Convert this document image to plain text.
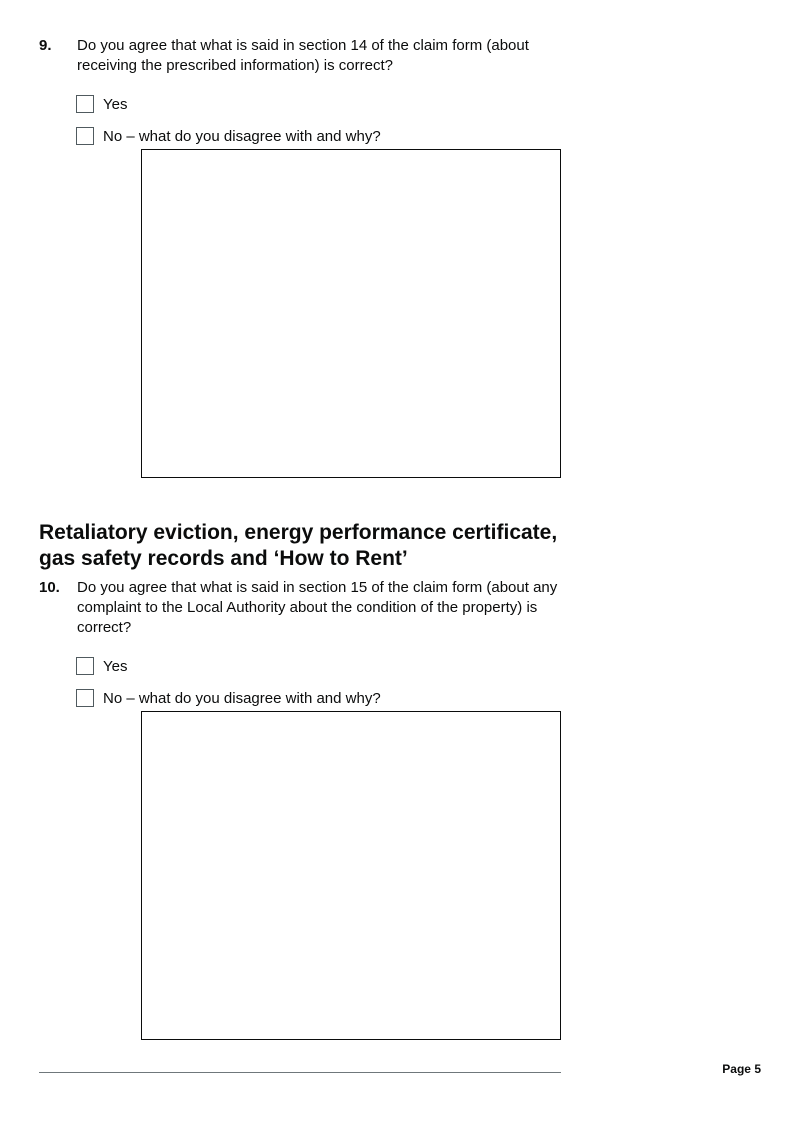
9. Do you agree that what is said in section 14 of the claim form (about receiving the prescribed information) is correct?
Yes
No – what do you disagree with and why?
Retaliatory eviction, energy performance certificate, gas safety records and ‘How to Rent’
10. Do you agree that what is said in section 15 of the claim form (about any complaint to the Local Authority about the condition of the property) is correct?
Yes
No – what do you disagree with and why?
Page 5
